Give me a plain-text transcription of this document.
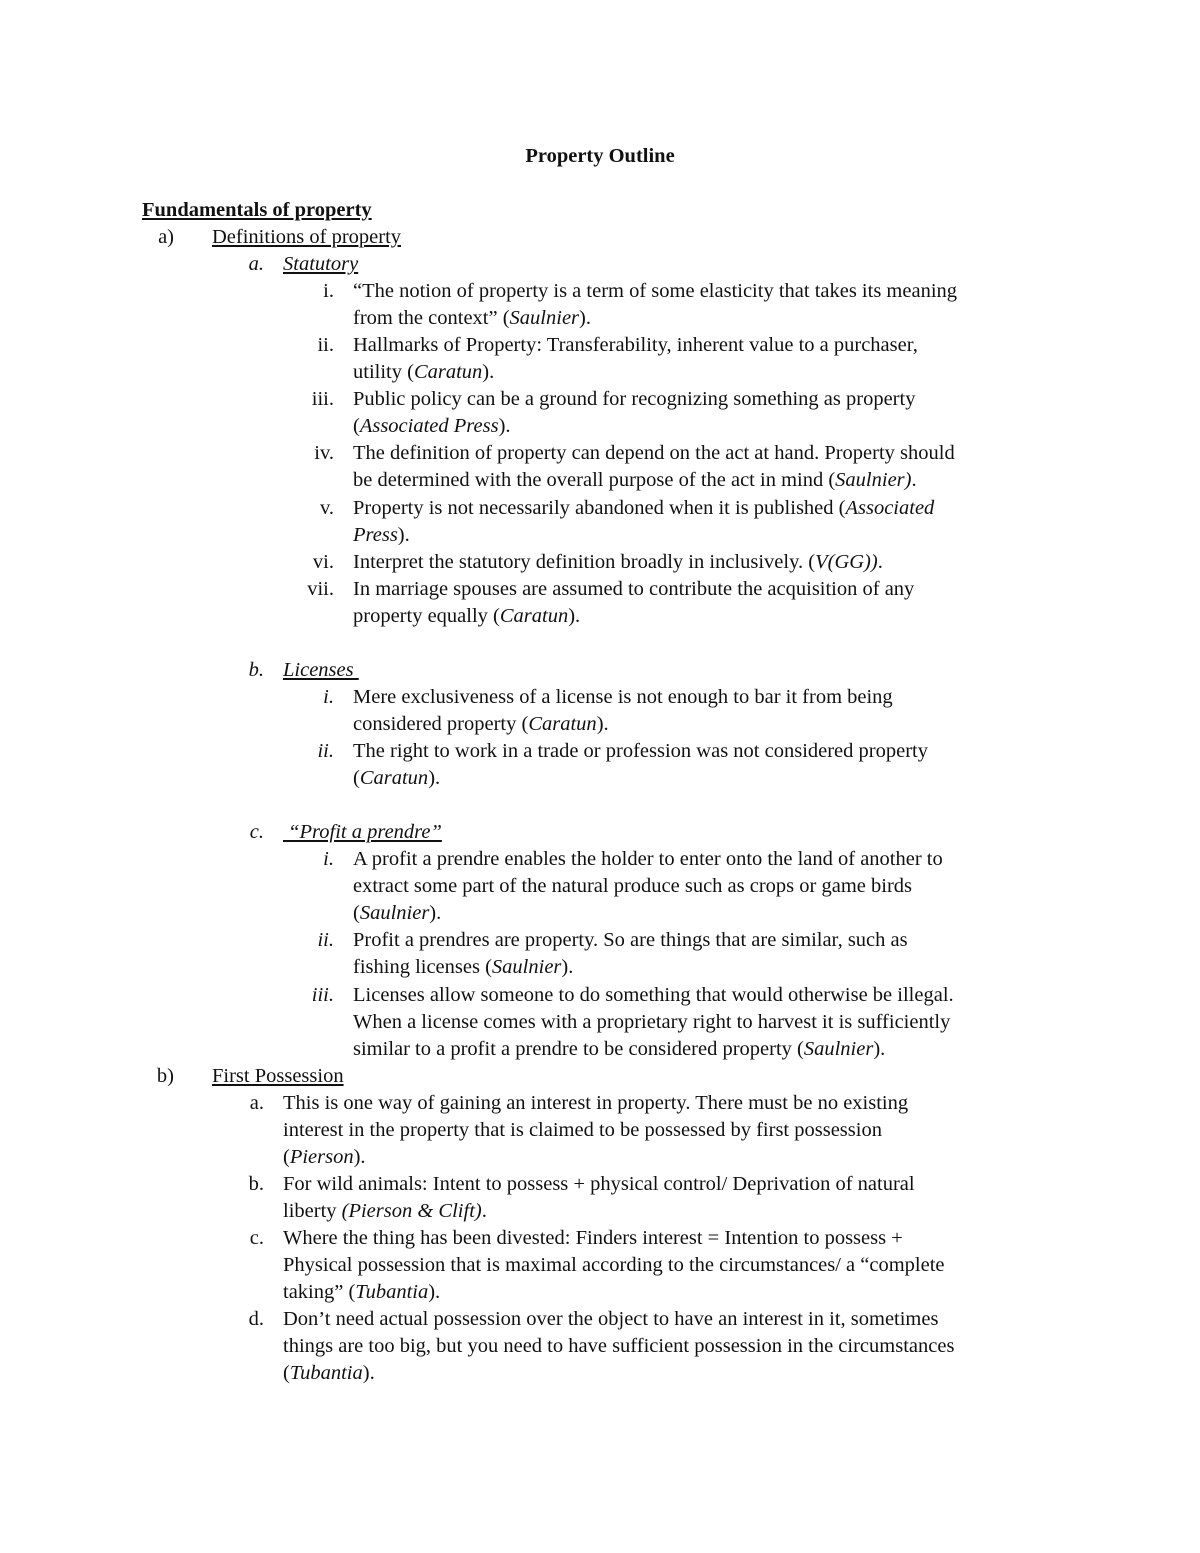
Property Outline
Fundamentals of property
a) Definitions of property
a. Statutory
i. “The notion of property is a term of some elasticity that takes its meaning
from the context” (Saulnier).
ii. Hallmarks of Property: Transferability, inherent value to a purchaser,
utility (Caratun).
iii. Public policy can be a ground for recognizing something as property
(Associated Press).
iv. The definition of property can depend on the act at hand. Property should
be determined with the overall purpose of the act in mind (Saulnier).
v. Property is not necessarily abandoned when it is published (Associated
Press).
vi. Interpret the statutory definition broadly in inclusively. (V(GG)).
vii. In marriage spouses are assumed to contribute the acquisition of any
property equally (Caratun).
b. Licenses
i. Mere exclusiveness of a license is not enough to bar it from being
considered property (Caratun).
ii. The right to work in a trade or profession was not considered property
(Caratun).
c. “Profit a prendre”
i. A profit a prendre enables the holder to enter onto the land of another to
extract some part of the natural produce such as crops or game birds
(Saulnier).
ii. Profit a prendres are property. So are things that are similar, such as
fishing licenses (Saulnier).
iii. Licenses allow someone to do something that would otherwise be illegal.
When a license comes with a proprietary right to harvest it is sufficiently
similar to a profit a prendre to be considered property (Saulnier).
b) First Possession
a. This is one way of gaining an interest in property. There must be no existing
interest in the property that is claimed to be possessed by first possession
(Pierson).
b. For wild animals: Intent to possess + physical control/ Deprivation of natural
liberty (Pierson & Clift).
c. Where the thing has been divested: Finders interest = Intention to possess +
Physical possession that is maximal according to the circumstances/ a “complete
taking” (Tubantia).
d. Don’t need actual possession over the object to have an interest in it, sometimes
things are too big, but you need to have sufficient possession in the circumstances
(Tubantia).
